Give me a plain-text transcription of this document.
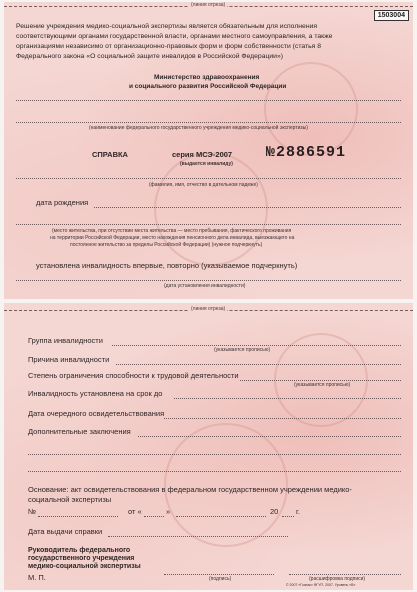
(линия отреза)
1503004
Решение учреждения медико-социальной экспертизы является обязательным для исполнения
соответствующими органами государственной власти, органами местного самоуправления, а также
организациями независимо от организационно-правовых форм и форм собственности (статья 8
Федерального закона «О социальной защите инвалидов в Российской Федерации»)
Министерство здравоохранения
и социального развития Российской Федерации
(наименование федерального государственного учреждения медико-социальной экспертизы)
СПРАВКА	серия МСЭ-2007
(выдается инвалиду)
№2886591
(фамилия, имя, отчество в дательном падеже)
дата рождения
(место жительства, при отсутствии места жительства — место пребывания, фактического проживания
на территории Российской Федерации, место нахождения пенсионного дела инвалида, выезжающего на
постоянное жительство за пределы Российской Федерации) (нужное подчеркнуть)
установлена инвалидность впервые, повторно (указываемое подчеркнуть)
(дата установления инвалидности)
(линия отреза)
Группа инвалидности
(указывается прописью)
Причина инвалидности
Степень ограничения способности к трудовой деятельности
(указывается прописью)
Инвалидность установлена на срок до
Дата очередного освидетельствования
Дополнительные заключения
Основание: акт освидетельствования в федеральном государственном учреждении медико-
социальной экспертизы
№	от «	»	20 г.
Дата выдачи справки
Руководитель федерального
государственного учреждения
медико-социальной экспертизы
М. П.	(подпись)	(расшифровка подписи)
© 2007 «Гознак» ФГУП. 2007. Уровень «В»
